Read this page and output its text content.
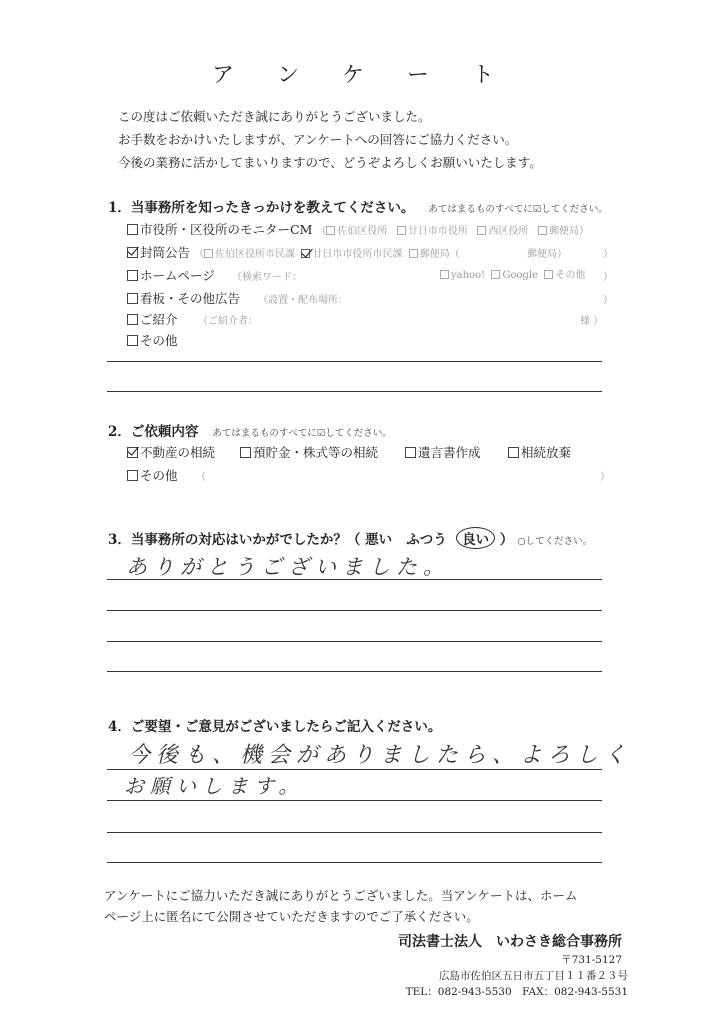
ア ン ケ ー ト
この度はご依頼いただき誠にありがとうございました。
お手数をおかけいたしますが、アンケートへの回答にご協力ください。
今後の業務に活かしてまいりますので、どうぞよろしくお願いいたします。
1．当事務所を知ったきっかけを教えてください。 あてはまるものすべてに☑してください。
市役所・区役所のモニターCM （ 佐伯区役所 廿日市市役所 西区役所 郵便局）
封筒公告 （ 佐伯区役所市民課 廿日市市役所市民課 郵便局（	郵便局）	）
ホームページ （検索ワード：	yahoo! Google その他 ）
看板・その他広告 （設置・配布場所：	）
ご紹介 （ご紹介者：	様 ）
その他
2．ご依頼内容 あてはまるものすべてに☑してください。
不動産の相続	預貯金・株式等の相続	遺言書作成	相続放棄
その他 （	）
3．当事務所の対応はいかがでしたか？（ 悪い ふつう 良い ） ○してください。
ありがとうございました。
4．ご要望・ご意見がございましたらご記入ください。
今後も、機会がありましたら、よろしく
お願いします。
アンケートにご協力いただき誠にありがとうございました。当アンケートは、ホーム
ページ上に匿名にて公開させていただきますのでご了承ください。
司法書士法人　いわさき総合事務所
〒731-5127
広島市佐伯区五日市五丁目１１番２３号
TEL：082-943-5530　FAX：082-943-5531
